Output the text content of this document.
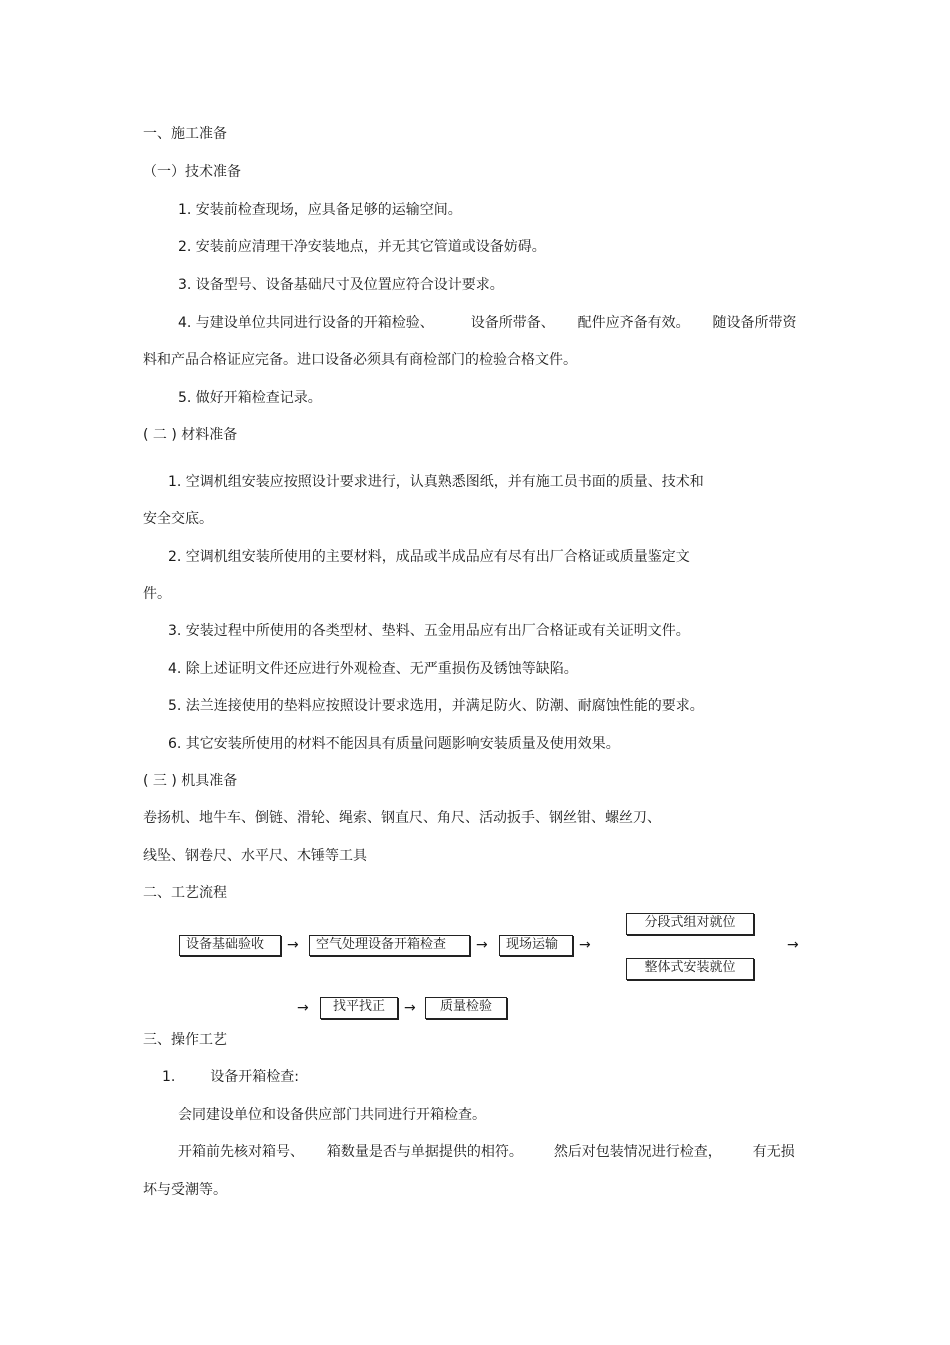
一、施工准备
（一）技术准备
1. 安装前检查现场，应具备足够的运输空间。
2. 安装前应清理干净安装地点，并无其它管道或设备妨碍。
3. 设备型号、设备基础尺寸及位置应符合设计要求。
4. 与建设单位共同进行设备的开箱检验、	设备所带备、 配件应齐备有效。 随设备所带资
料和产品合格证应完备。进口设备必须具有商检部门的检验合格文件。
5. 做好开箱检查记录。
( 二 ) 材料准备
1. 空调机组安装应按照设计要求进行，认真熟悉图纸，并有施工员书面的质量、技术和
安全交底。
2. 空调机组安装所使用的主要材料，成品或半成品应有尽有出厂合格证或质量鉴定文
件。
3. 安装过程中所使用的各类型材、垫料、五金用品应有出厂合格证或有关证明文件。
4. 除上述证明文件还应进行外观检查、无严重损伤及锈蚀等缺陷。
5. 法兰连接使用的垫料应按照设计要求选用，并满足防火、防潮、耐腐蚀性能的要求。
6. 其它安装所使用的材料不能因具有质量问题影响安装质量及使用效果。
( 三 ) 机具准备
卷扬机、地牛车、倒链、滑轮、绳索、钢直尺、角尺、活动扳手、钢丝钳、螺丝刀、
线坠、钢卷尺、水平尺、木锤等工具
二、工艺流程
设备基础验收	→	空气处理设备开箱检查	→	现场运输	→
分段式组对就位
整体式安装就位
→
→	找平找正	→	质量检验
三、操作工艺
1. 设备开箱检查:
会同建设单位和设备供应部门共同进行开箱检查。
开箱前先核对箱号、 箱数量是否与单据提供的相符。 然后对包装情况进行检查， 有无损
坏与受潮等。
